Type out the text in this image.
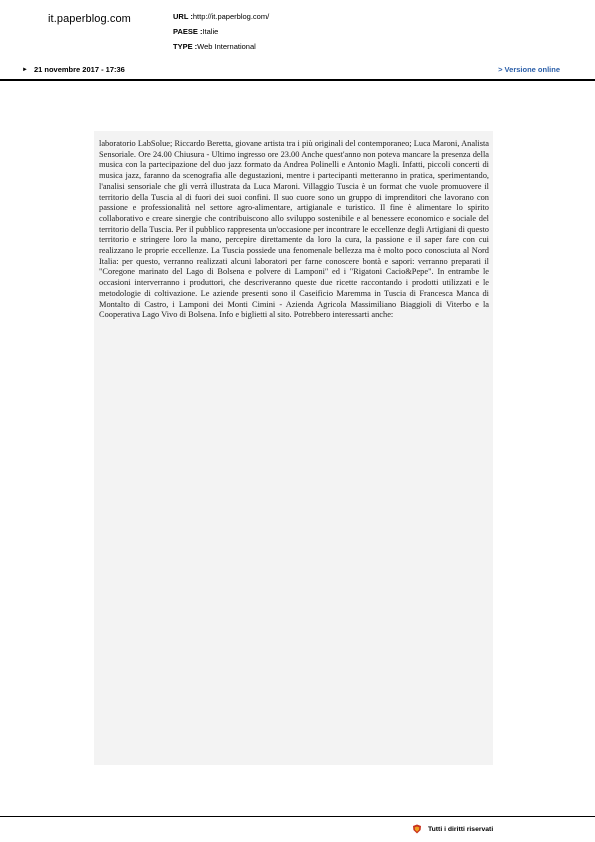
it.paperblog.com	URL :http://it.paperblog.com/
PAESE :Italie
TYPE :Web International
► 21 novembre 2017 - 17:36	> Versione online
laboratorio LabSolue; Riccardo Beretta, giovane artista tra i più originali del contemporaneo; Luca Maroni, Analista Sensoriale. Ore 24.00 Chiusura - Ultimo ingresso ore 23.00 Anche quest'anno non poteva mancare la presenza della musica con la partecipazione del duo jazz formato da Andrea Polinelli e Antonio Magli. Infatti, piccoli concerti di musica jazz, faranno da scenografia alle degustazioni, mentre i partecipanti metteranno in pratica, sperimentando, l'analisi sensoriale che gli verrà illustrata da Luca Maroni. Villaggio Tuscia è un format che vuole promuovere il territorio della Tuscia al di fuori dei suoi confini. Il suo cuore sono un gruppo di imprenditori che lavorano con passione e professionalità nel settore agro-alimentare, artigianale e turistico. Il fine è alimentare lo spirito collaborativo e creare sinergie che contribuiscono allo sviluppo sostenibile e al benessere economico e sociale del territorio della Tuscia. Per il pubblico rappresenta un'occasione per incontrare le eccellenze degli Artigiani di questo territorio e stringere loro la mano, percepire direttamente da loro la cura, la passione e il saper fare con cui realizzano le proprie eccellenze. La Tuscia possiede una fenomenale bellezza ma è molto poco conosciuta al Nord Italia: per questo, verranno realizzati alcuni laboratori per farne conoscere bontà e sapori: verranno preparati il "Coregone marinato del Lago di Bolsena e polvere di Lamponi" ed i "Rigatoni Cacio&Pepe". In entrambe le occasioni interverranno i produttori, che descriveranno queste due ricette raccontando i prodotti utilizzati e le metodologie di coltivazione. Le aziende presenti sono il Caseificio Maremma in Tuscia di Francesca Manca di Montalto di Castro, i Lamponi dei Monti Cimini - Azienda Agricola Massimiliano Biaggioli di Viterbo e la Cooperativa Lago Vivo di Bolsena. Info e biglietti al sito. Potrebbero interessarti anche:
Tutti i diritti riservati
